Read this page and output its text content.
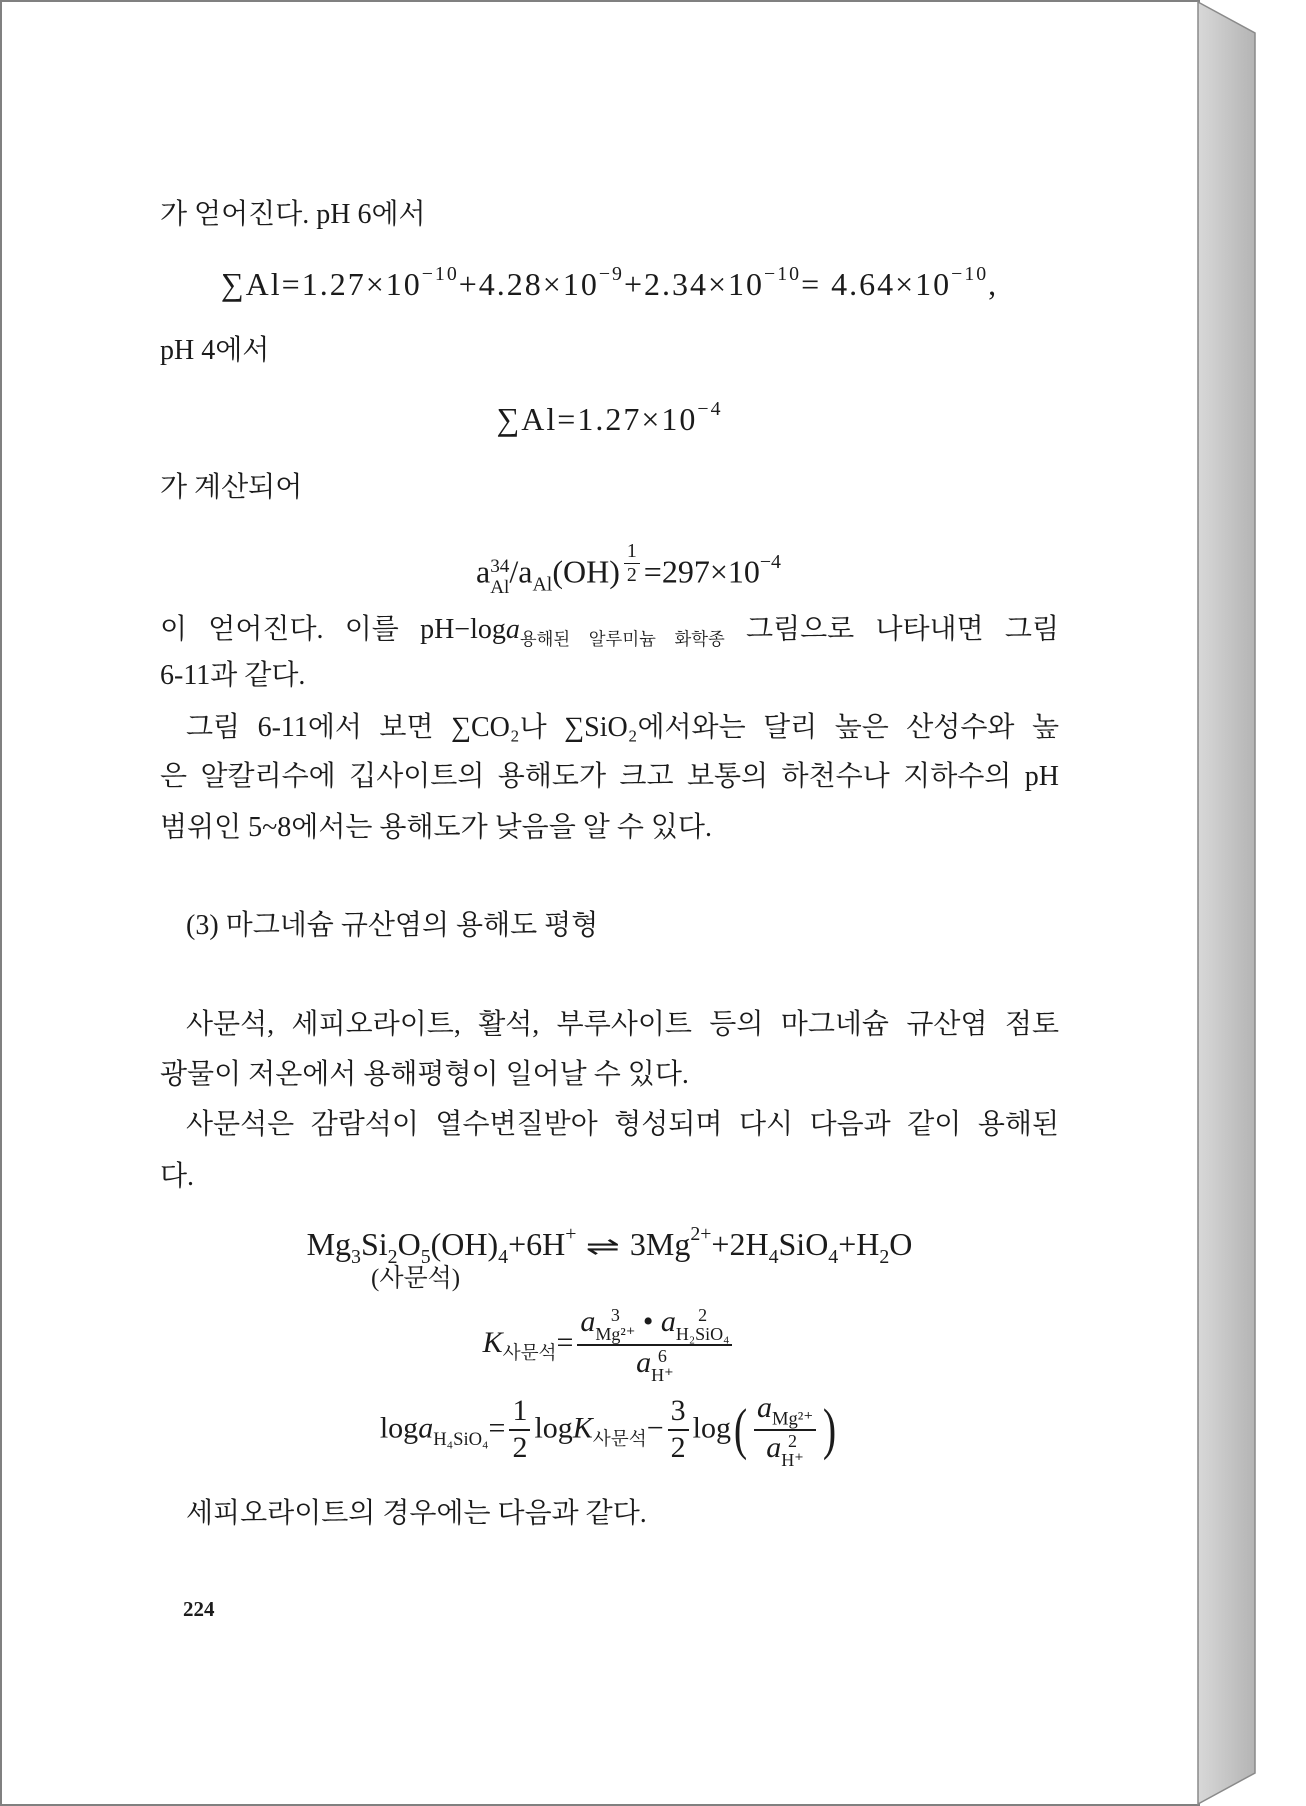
가 얻어진다. pH 6에서
$\sum Al=1.27\times 10^{-10}+4.28\times 10^{-9}+2.34\times 10^{-10}= 4.64\times 10^{-10}$,
pH 4에서
$\sum Al=1.27\times 10^{-4}$
가 계산되어
a 34
Al $/a_{Al}(OH)$ $^{\frac{1}{2}} =297\times 10^{-4}$
이 얻어진다. 이를 pH−loga$_{용해된 알루미늄 화학종}$ 그림으로 나타내면 그림
6-11과 같다.
그림 6-11에서 보면 ∑CO₂나 ∑SiO₂에서와는 달리 높은 산성수와 높
은 알칼리수에 깁사이트의 용해도가 크고 보통의 하천수나 지하수의 pH
범위인 5~8에서는 용해도가 낮음을 알 수 있다.
(3) 마그네슘 규산염의 용해도 평형
사문석, 세피오라이트, 활석, 부루사이트 등의 마그네슘 규산염 점토
광물이 저온에서 용해평형이 일어날 수 있다.
사문석은 감람석이 열수변질받아 형성되며 다시 다음과 같이 용해된
다.
$Mg_3Si_2O_5(OH)_4+6H^+$ ⇌ $3Mg^{2+}+2H_4SiO_4+H_2O$
(사문석)
$K_{사문석}=$
a 3
Mg²⁺ • a	2
H₂SiO₄
a 6
H⁺
$\log a_{H_4SiO_4}= \frac{1}{2} \log K_{사문석}- \frac{3}{2} \log$( $a_{Mg^{2+}}$
a 2
H⁺ )
세피오라이트의 경우에는 다음과 같다.
224
